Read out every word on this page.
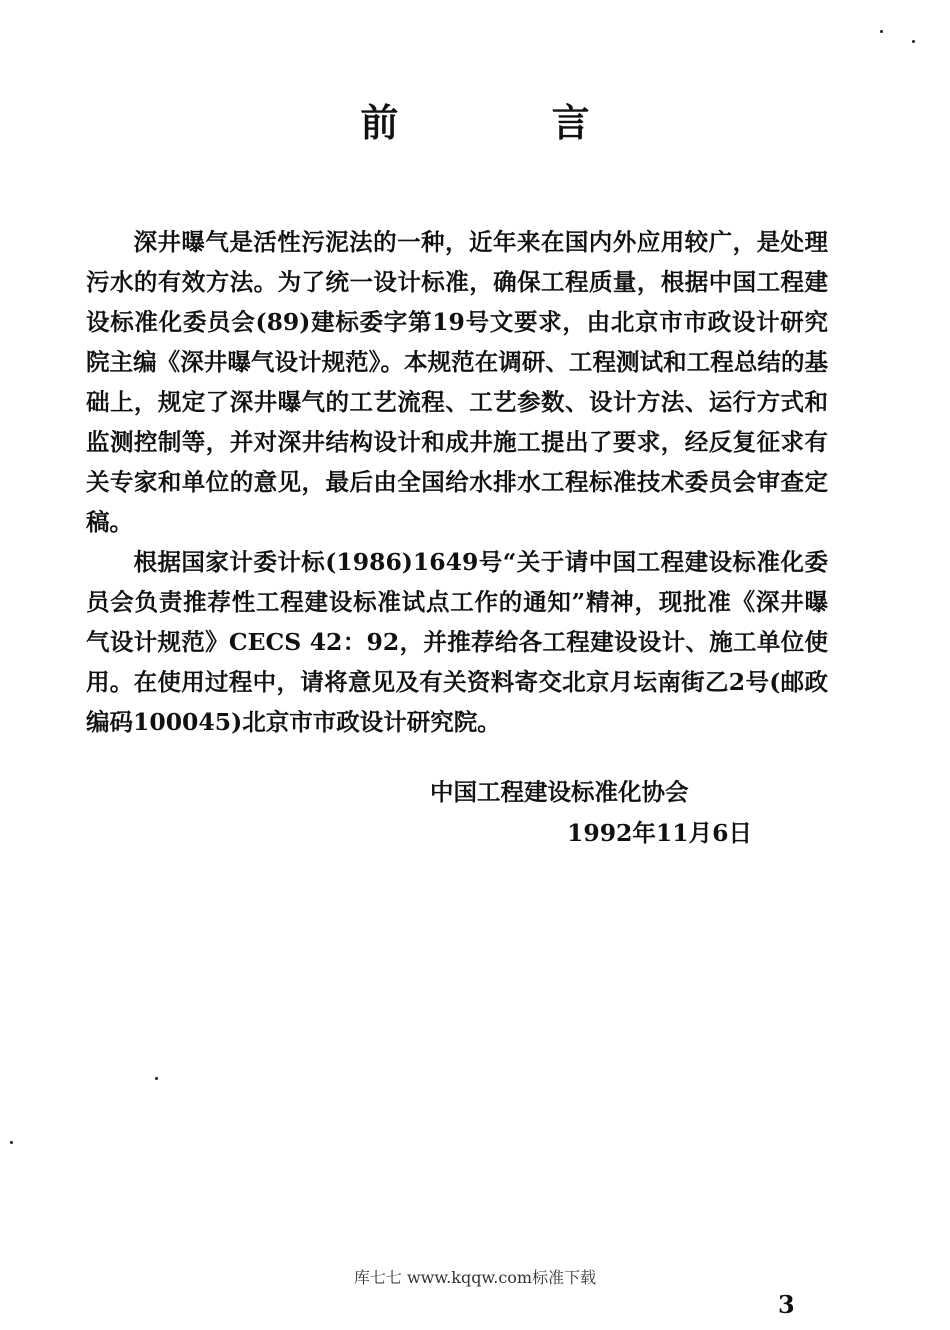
前 言

深井曝气是活性污泥法的一种，近年来在国内外应用较广，是处理污水的有效方法。为了统一设计标准，确保工程质量，根据中国工程建设标准化委员会(89)建标委字第19号文要求，由北京市市政设计研究院主编《深井曝气设计规范》。本规范在调研、工程测试和工程总结的基础上，规定了深井曝气的工艺流程、工艺参数、设计方法、运行方式和监测控制等，并对深井结构设计和成井施工提出了要求，经反复征求有关专家和单位的意见，最后由全国给水排水工程标准技术委员会审查定稿。

根据国家计委计标(1986)1649号“关于请中国工程建设标准化委员会负责推荐性工程建设标准试点工作的通知”精神，现批准《深井曝气设计规范》CECS 42：92，并推荐给各工程建设设计、施工单位使用。在使用过程中，请将意见及有关资料寄交北京月坛南街乙2号(邮政编码100045)北京市市政设计研究院。

中国工程建设标准化协会
1992年11月6日
库七七 www.kqqw.com标准下载
3
